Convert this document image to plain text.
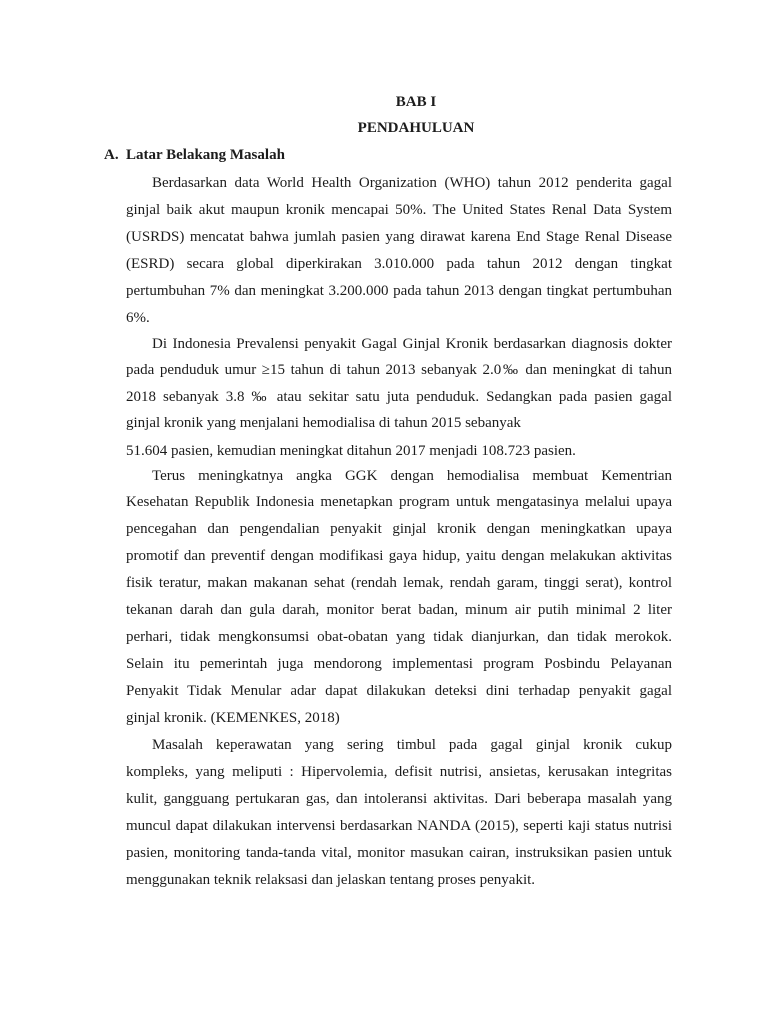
BAB I
PENDAHULUAN
A. Latar Belakang Masalah
Berdasarkan data World Health Organization (WHO) tahun 2012 penderita gagal
ginjal baik akut maupun kronik mencapai 50%. The United States Renal Data System
(USRDS) mencatat bahwa jumlah pasien yang dirawat karena End Stage Renal Disease
(ESRD) secara global diperkirakan 3.010.000 pada tahun 2012 dengan tingkat
pertumbuhan 7% dan meningkat 3.200.000 pada tahun 2013 dengan tingkat pertumbuhan
6%.
Di Indonesia Prevalensi penyakit Gagal Ginjal Kronik berdasarkan diagnosis dokter
pada penduduk umur ≥15 tahun di tahun 2013 sebanyak 2.0‰ dan meningkat di tahun
2018 sebanyak 3.8 ‰ atau sekitar satu juta penduduk. Sedangkan pada pasien gagal
ginjal kronik yang menjalani hemodialisa di tahun 2015 sebanyak
51.604 pasien, kemudian meningkat ditahun 2017 menjadi 108.723 pasien.
Terus meningkatnya angka GGK dengan hemodialisa membuat Kementrian
Kesehatan Republik Indonesia menetapkan program untuk mengatasinya melalui upaya
pencegahan dan pengendalian penyakit ginjal kronik dengan meningkatkan upaya
promotif dan preventif dengan modifikasi gaya hidup, yaitu dengan melakukan aktivitas
fisik teratur, makan makanan sehat (rendah lemak, rendah garam, tinggi serat), kontrol
tekanan darah dan gula darah, monitor berat badan, minum air putih minimal 2 liter
perhari, tidak mengkonsumsi obat-obatan yang tidak dianjurkan, dan tidak merokok.
Selain itu pemerintah juga mendorong implementasi program Posbindu Pelayanan
Penyakit Tidak Menular adar dapat dilakukan deteksi dini terhadap penyakit gagal
ginjal kronik. (KEMENKES, 2018)
Masalah keperawatan yang sering timbul pada gagal ginjal kronik cukup
kompleks, yang meliputi : Hipervolemia, defisit nutrisi, ansietas, kerusakan integritas
kulit, gangguang pertukaran gas, dan intoleransi aktivitas. Dari beberapa masalah yang
muncul dapat dilakukan intervensi berdasarkan NANDA (2015), seperti kaji status nutrisi
pasien, monitoring tanda-tanda vital, monitor masukan cairan, instruksikan pasien untuk
menggunakan teknik relaksasi dan jelaskan tentang proses penyakit.
